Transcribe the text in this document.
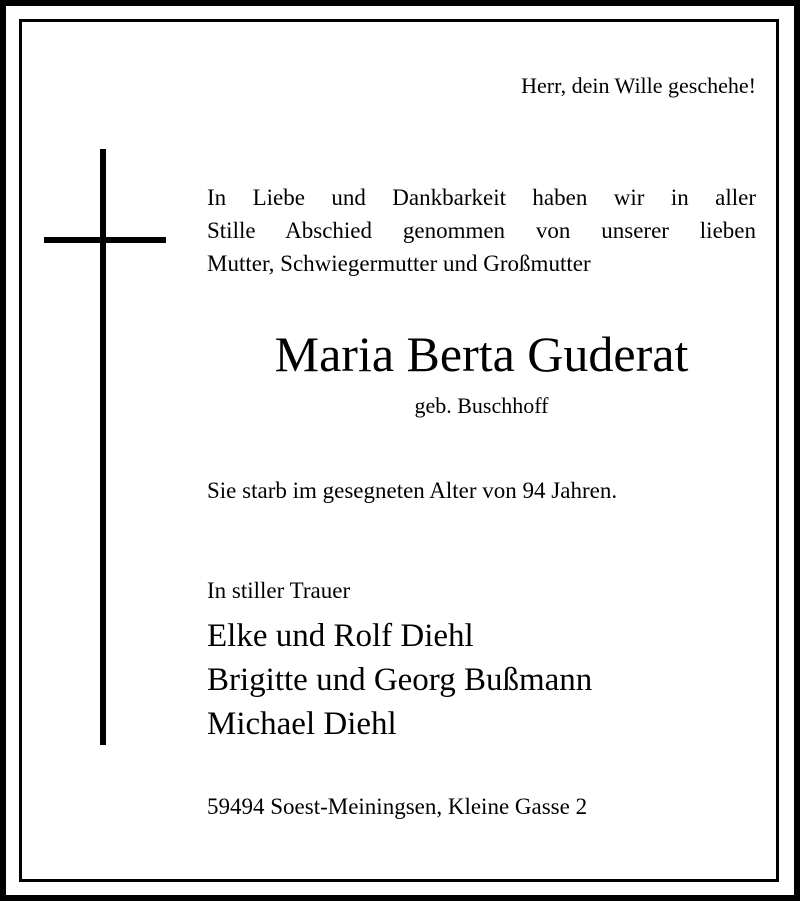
Herr, dein Wille geschehe!
In Liebe und Dankbarkeit haben wir in aller
Stille Abschied genommen von unserer lieben
Mutter, Schwiegermutter und Großmutter
Maria Berta Guderat
geb. Buschhoff
Sie starb im gesegneten Alter von 94 Jahren.
In stiller Trauer
Elke und Rolf Diehl
Brigitte und Georg Bußmann
Michael Diehl
59494 Soest-Meiningsen, Kleine Gasse 2
